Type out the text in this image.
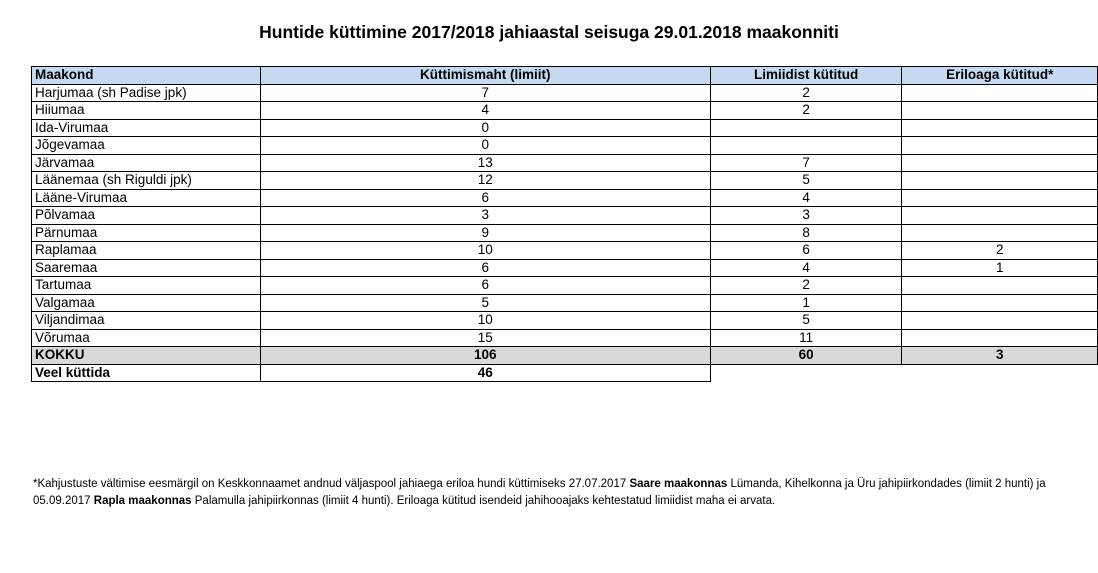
Huntide küttimine 2017/2018 jahiaastal seisuga 29.01.2018 maakonniti
Maakond	Küttimismaht (limiit)	Limiidist kütitud	Eriloaga kütitud*
Harjumaa (sh Padise jpk)	7	2	
Hiiumaa	4	2	
Ida-Virumaa	0		
Jõgevamaa	0		
Järvamaa	13	7	
Läänemaa (sh Riguldi jpk)	12	5	
Lääne-Virumaa	6	4	
Põlvamaa	3	3	
Pärnumaa	9	8	
Raplamaa	10	6	2
Saaremaa	6	4	1
Tartumaa	6	2	
Valgamaa	5	1	
Viljandimaa	10	5	
Võrumaa	15	11	
KOKKU	106	60	3
Veel küttida	46		
*Kahjustuste vältimise eesmärgil on Keskkonnaamet andnud väljaspool jahiaega eriloa hundi küttimiseks 27.07.2017 Saare maakonnas Lümanda, Kihelkonna ja Üru jahipiirkondades (limiit 2 hunti) ja 05.09.2017 Rapla maakonnas Palamulla jahipiirkonnas (limiit 4 hunti). Eriloaga kütitud isendeid jahihooajaks kehtestatud limiidist maha ei arvata.
